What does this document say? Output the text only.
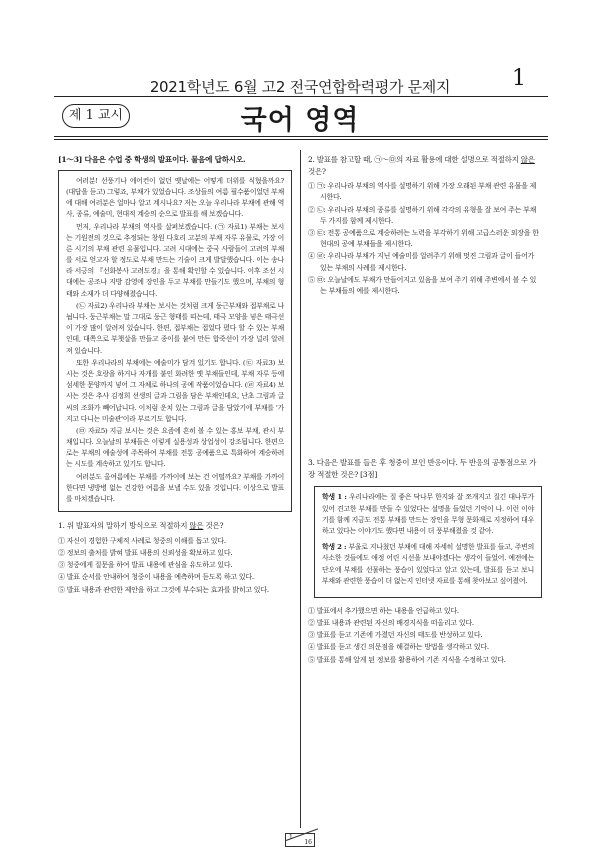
2021학년도 6월 고2 전국연합학력평가 문제지	1
제 1 교시	국어 영역
[1～3] 다음은 수업 중 학생의 발표이다. 물음에 답하시오.

여러분! 선풍기나 에어컨이 없던 옛날에는 어떻게 더위를 식혔을까요? (대답을 듣고) 그렇죠, 부채가 있었습니다. 조상들의 여름 필수품이었던 부채에 대해 여러분은 얼마나 알고 계시나요? 저는 오늘 우리나라 부채에 관해 역사, 종류, 예술미, 현대적 계승의 순으로 발표를 해 보겠습니다.

먼저, 우리나라 부채의 역사를 살펴보겠습니다. (㉠ 자료1) 부채는 보시는 기원전의 것으로 추정되는 창원 다호리 고분의 부채 자루 유물로, 가장 이른 시기의 부채 관련 유물입니다. 고려 시대에는 중국 사람들이 고려의 부채를 서로 얻고자 할 정도로 부채 만드는 기술이 크게 발달했습니다. 이는 송나라 서긍의 『선화봉사 고려도경』을 통해 확인할 수 있습니다. 이후 조선 시대에는 공조나 지방 감영에 장인을 두고 부채를 만들기도 했으며, 부채의 형태와 소재가 더 다양해졌습니다.

(㉡ 자료2) 우리나라 부채는 보시는 것처럼 크게 둥근부채와 접부채로 나뉩니다. 둥근부채는 말 그대로 둥근 형태를 띠는데, 태극 모양을 넣은 태극선이 가장 많이 알려져 있습니다. 한편, 접부채는 접었다 폈다 할 수 있는 부채인데, 대쪽으로 부챗살을 만들고 종이를 붙여 만든 합죽선이 가장 널리 알려져 있습니다.

또한 우리나라의 부채에는 예술미가 담겨 있기도 합니다. (㉢ 자료3) 보시는 것은 호랑을 하거나 자개를 붙인 화려한 옛 부채들인데, 부채 자루 등에 섬세한 문양까지 넣어 그 자체로 하나의 공예 작품이었습니다. (㉣ 자료4) 보시는 것은 추사 김정희 선생의 글과 그림을 담은 부채인데요, 난초 그림과 글씨의 조화가 빼어납니다. 이처럼 운치 있는 그림과 글을 담았기에 부채를 '가지고 다니는 미술관'이라 부르기도 합니다.

(㉤ 자료5) 지금 보시는 것은 요즘에 흔히 볼 수 있는 홍보 부채, 관시 부채입니다. 오늘날의 부채들은 이렇게 실용성과 상업성이 강조됩니다. 한편으로는 부채의 예술성에 주목하여 부채를 전통 공예품으로 특화하여 계승하려는 시도를 계속하고 있기도 합니다.

여러분도 올여름에는 부채를 가까이에 보는 건 어떨까요? 부채를 가까이한다면 냉방병 없는 건강한 여름을 보낼 수도 있을 것입니다. 이상으로 발표를 마치겠습니다.

1. 위 발표자의 말하기 방식으로 적절하지 않은 것은?
① 자신이 경험한 구체적 사례로 청중의 이해를 돕고 있다.
② 정보의 출처를 밝혀 발표 내용의 신뢰성을 확보하고 있다.
③ 청중에게 질문을 하여 발표 내용에 관심을 유도하고 있다.
④ 발표 순서를 안내하여 청중이 내용을 예측하며 듣도록 하고 있다.
⑤ 발표 내용과 관련한 제안을 하고 그것에 부수되는 효과를 밝히고 있다.
2. 발표를 참고할 때, ㉠～㉤의 자료 활용에 대한 설명으로 적절하지 않은 것은?
① ㉠: 우리나라 부채의 역사를 설명하기 위해 가장 오래된 부채 관련 유물을 제시한다.
② ㉡: 우리나라 부채의 종류를 설명하기 위해 각각의 유형을 잘 보여 주는 부채 두 가지를 함께 제시한다.
③ ㉢: 전통 공예품으로 계승하려는 노력을 부각하기 위해 고급스러운 외장을 한 현대의 공예 부채들을 제시한다.
④ ㉣: 우리나라 부채가 지닌 예술미를 알려주기 위해 멋진 그림과 글이 들어가 있는 부채의 사례를 제시한다.
⑤ ㉤: 오늘날에도 부채가 만들어지고 있음을 보여 주기 위해 주변에서 볼 수 있는 부채들의 예를 제시한다.
3. 다음은 발표를 들은 후 청중이 보인 반응이다. 두 반응의 공통점으로 가장 적절한 것은? [3점]

학생 1 : 우리나라에는 질 좋은 닥나무 한지와 잘 쪼개지고 질긴 대나무가 있어 견고한 부채를 만들 수 있었다는 설명을 들었던 기억이 나. 이런 이야기를 함께 지금도 전통 부채를 만드는 장인을 무형 문화재로 지정하여 대우하고 있다는 이야기도 했다면 내용이 더 풍부해졌을 것 같아.

학생 2 : 부울로 지나쳤던 부채에 대해 자세히 설명한 발표를 들고, 주변의 사소한 것들에도 애정 어린 시선을 보내야겠다는 생각이 들었어. 예전에는 단오에 부채를 선물하는 풍습이 있었다고 알고 있는데, 발표를 듣고 보니 부채와 관련한 풍습이 더 없는지 인터넷 자료를 통해 찾아보고 싶어졌어.

① 발표에서 추가했으면 하는 내용을 언급하고 있다.
② 발표 내용과 관련된 자신의 배경지식을 떠올리고 있다.
③ 발표를 듣고 기존에 가졌던 자신의 태도를 반성하고 있다.
④ 발표를 듣고 생긴 의문점을 해결하는 방법을 생각하고 있다.
⑤ 발표를 통해 알게 된 정보를 활용하여 기존 지식을 수정하고 있다.
1
16
